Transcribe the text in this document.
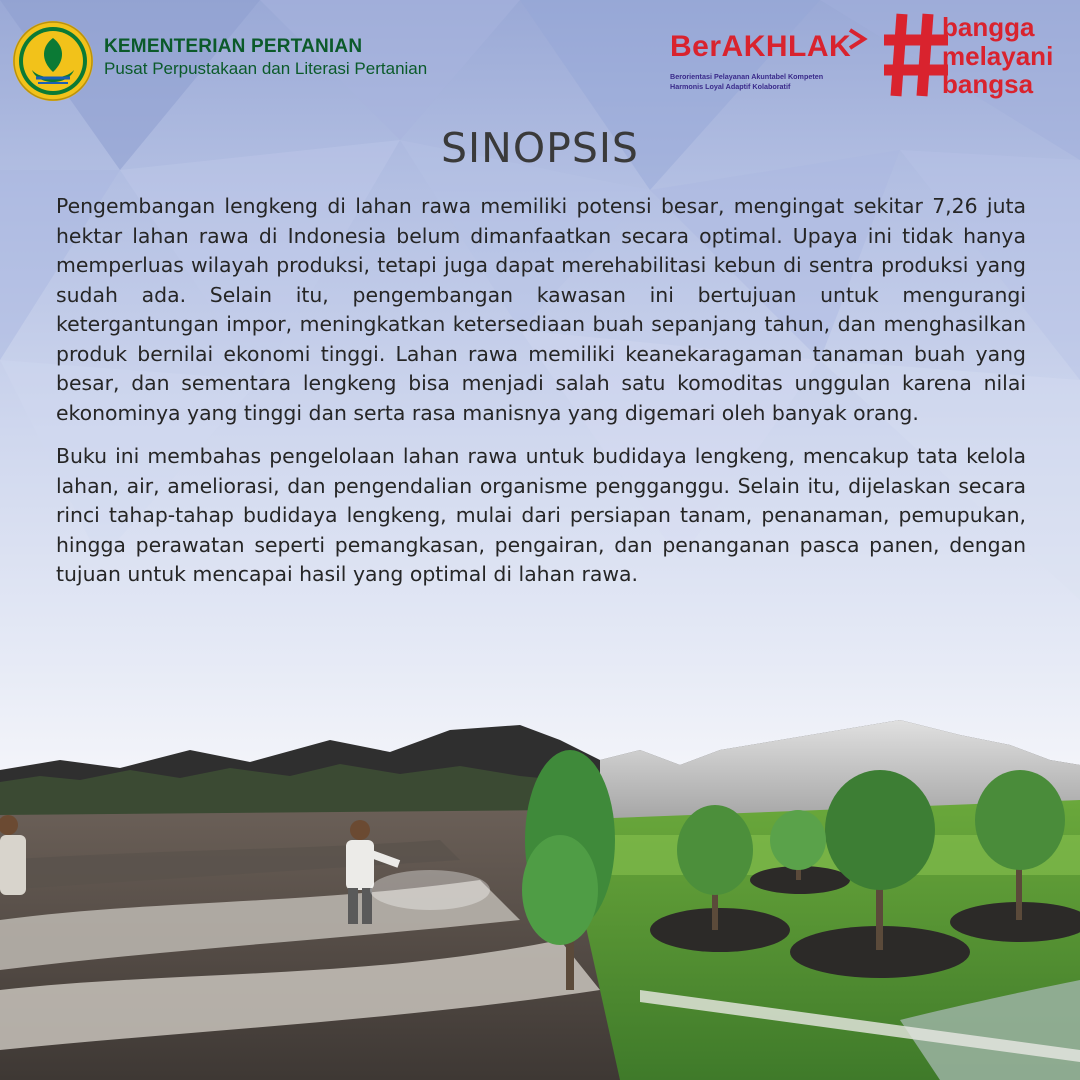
KEMENTERIAN PERTANIAN
Pusat Perpustakaan dan Literasi Pertanian
BerAKHLAK
Berorientasi Pelayanan Akuntabel Kompeten
Harmonis Loyal Adaptif Kolaboratif
bangga
melayani
bangsa
SINOPSIS

Pengembangan lengkeng di lahan rawa memiliki potensi besar, mengingat sekitar 7,26 juta hektar lahan rawa di Indonesia belum dimanfaatkan secara optimal. Upaya ini tidak hanya memperluas wilayah produksi, tetapi juga dapat merehabilitasi kebun di sentra produksi yang sudah ada. Selain itu, pengembangan kawasan ini bertujuan untuk mengurangi ketergantungan impor, meningkatkan ketersediaan buah sepanjang tahun, dan menghasilkan produk bernilai ekonomi tinggi. Lahan rawa memiliki keanekaragaman tanaman buah yang besar, dan sementara lengkeng bisa menjadi salah satu komoditas unggulan karena nilai ekonominya yang tinggi dan serta rasa manisnya yang digemari oleh banyak orang.

Buku ini membahas pengelolaan lahan rawa untuk budidaya lengkeng, mencakup tata kelola lahan, air, ameliorasi, dan pengendalian organisme pengganggu. Selain itu, dijelaskan secara rinci tahap-tahap budidaya lengkeng, mulai dari persiapan tanam, penanaman, pemupukan, hingga perawatan seperti pemangkasan, pengairan, dan penanganan pasca panen, dengan tujuan untuk mencapai hasil yang optimal di lahan rawa.
